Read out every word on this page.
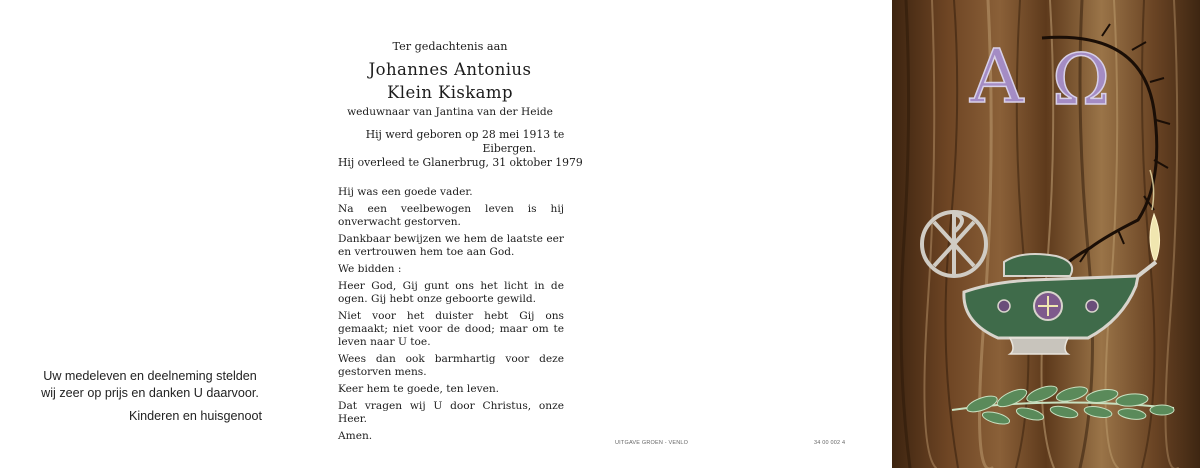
Uw medeleven en deelneming stelden
wij zeer op prijs en danken U daarvoor.
Kinderen en huisgenoot
Ter gedachtenis aan
Johannes Antonius
Klein Kiskamp
weduwnaar van Jantina van der Heide
Hij werd geboren op 28 mei 1913 te
Eibergen.
Hij overleed te Glanerbrug, 31 oktober 1979

Hij was een goede vader.

Na een veelbewogen leven is hij onverwacht gestorven.

Dankbaar bewijzen we hem de laatste eer en vertrouwen hem toe aan God.

We bidden :

Heer God, Gij gunt ons het licht in de ogen. Gij hebt onze geboorte gewild.

Niet voor het duister hebt Gij ons gemaakt; niet voor de dood; maar om te leven naar U toe.

Wees dan ook barmhartig voor deze gestorven mens.

Keer hem te goede, ten leven.

Dat vragen wij U door Christus, onze Heer.

Amen.

UITGAVE GROEN - VENLO	34 00 002 4
Α Ω
